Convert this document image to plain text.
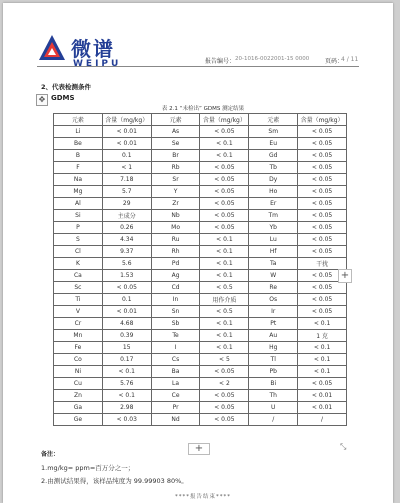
微谱
WEIPU	报告编号： 20-1016-0022001-15 0000	页码：
4 / 11
2、代表检测条件
✥ GDMS
表 2.1 “未检出” GDMS 测定结果
元素	含量（mg/kg）	元素	含量（mg/kg）	元素	含量（mg/kg）
Li	< 0.01	As	< 0.05	Sm	< 0.05
Be	< 0.01	Se	< 0.1	Eu	< 0.05
B	0.1	Br	< 0.1	Gd	< 0.05
F	< 1	Rb	< 0.05	Tb	< 0.05
Na	7.18	Sr	< 0.05	Dy	< 0.05
Mg	5.7	Y	< 0.05	Ho	< 0.05
Al	29	Zr	< 0.05	Er	< 0.05
Si	主成分	Nb	< 0.05	Tm	< 0.05
P	0.26	Mo	< 0.05	Yb	< 0.05
S	4.34	Ru	< 0.1	Lu	< 0.05
Cl	9.37	Rh	< 0.1	Hf	< 0.05
K	5.6	Pd	< 0.1	Ta	干扰
Ca	1.53	Ag	< 0.1	W	< 0.05
Sc	< 0.05	Cd	< 0.5	Re	< 0.05
Ti	0.1	In	用作介质	Os	< 0.05
V	< 0.01	Sn	< 0.5	Ir	< 0.05
Cr	4.68	Sb	< 0.1	Pt	< 0.1
Mn	0.39	Te	< 0.1	Au	1 克
Fe	15	I	< 0.1	Hg	< 0.1
Co	0.17	Cs	< 5	Tl	< 0.1
Ni	< 0.1	Ba	< 0.05	Pb	< 0.1
Cu	5.76	La	< 2	Bi	< 0.05
Zn	< 0.1	Ce	< 0.05	Th	< 0.01
Ga	2.98	Pr	< 0.05	U	< 0.01
Ge	< 0.03	Nd	< 0.05	/	/
+
+	⤡
备注：
1.mg/kg= ppm=百万分之一；
2.由测试结果得，该样品纯度为 99.99903 80%。
****报告结束****
